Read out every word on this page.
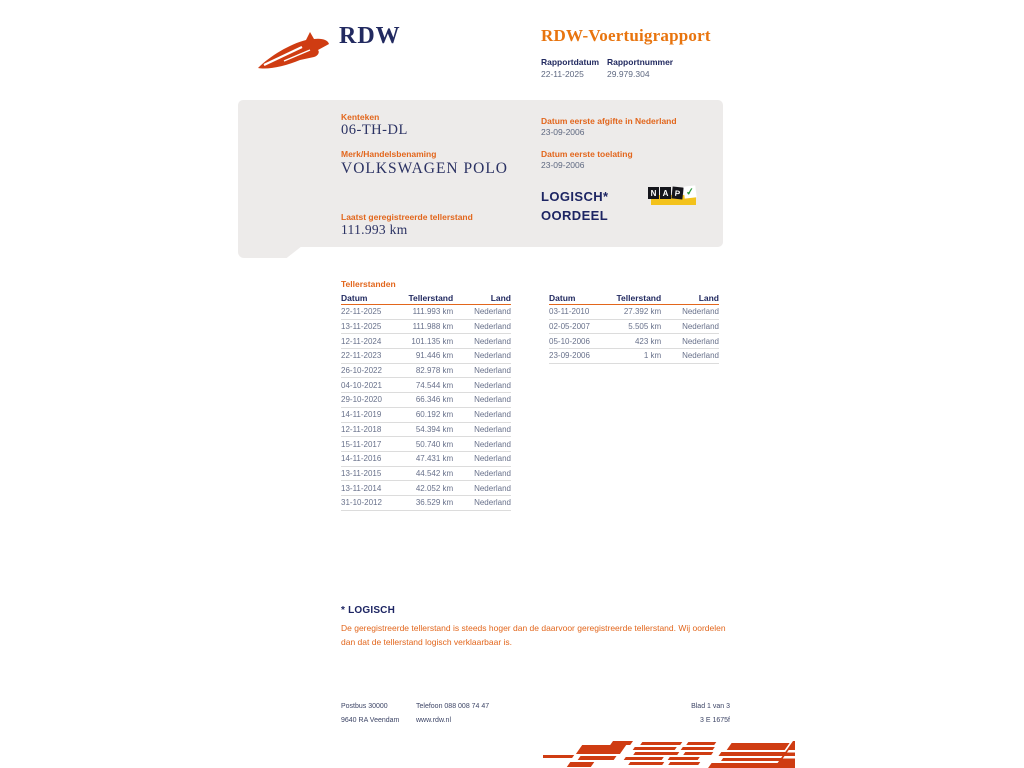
RDW	RDW-Voertuigrapport
Rapportdatum
22-11-2025
Rapportnummer
29.979.304
Kenteken
06-TH-DL
Merk/Handelsbenaming
VOLKSWAGEN POLO
Laatst geregistreerde tellerstand
111.993 km
Datum eerste afgifte in Nederland
23-09-2006
Datum eerste toelating
23-09-2006
LOGISCH*
OORDEEL
N A P ✓
Tellerstanden
Datum	Tellerstand	Land
22-11-2025	111.993 km	Nederland
13-11-2025	111.988 km	Nederland
12-11-2024	101.135 km	Nederland
22-11-2023	91.446 km	Nederland
26-10-2022	82.978 km	Nederland
04-10-2021	74.544 km	Nederland
29-10-2020	66.346 km	Nederland
14-11-2019	60.192 km	Nederland
12-11-2018	54.394 km	Nederland
15-11-2017	50.740 km	Nederland
14-11-2016	47.431 km	Nederland
13-11-2015	44.542 km	Nederland
13-11-2014	42.052 km	Nederland
31-10-2012	36.529 km	Nederland
Datum	Tellerstand	Land
03-11-2010	27.392 km	Nederland
02-05-2007	5.505 km	Nederland
05-10-2006	423 km	Nederland
23-09-2006	1 km	Nederland
* LOGISCH
De geregistreerde tellerstand is steeds hoger dan de daarvoor geregistreerde tellerstand. Wij oordelen dan dat de tellerstand logisch verklaarbaar is.
Postbus 30000
9640 RA Veendam
Telefoon 088 008 74 47
www.rdw.nl
Blad 1 van 3
3 E 1675f
